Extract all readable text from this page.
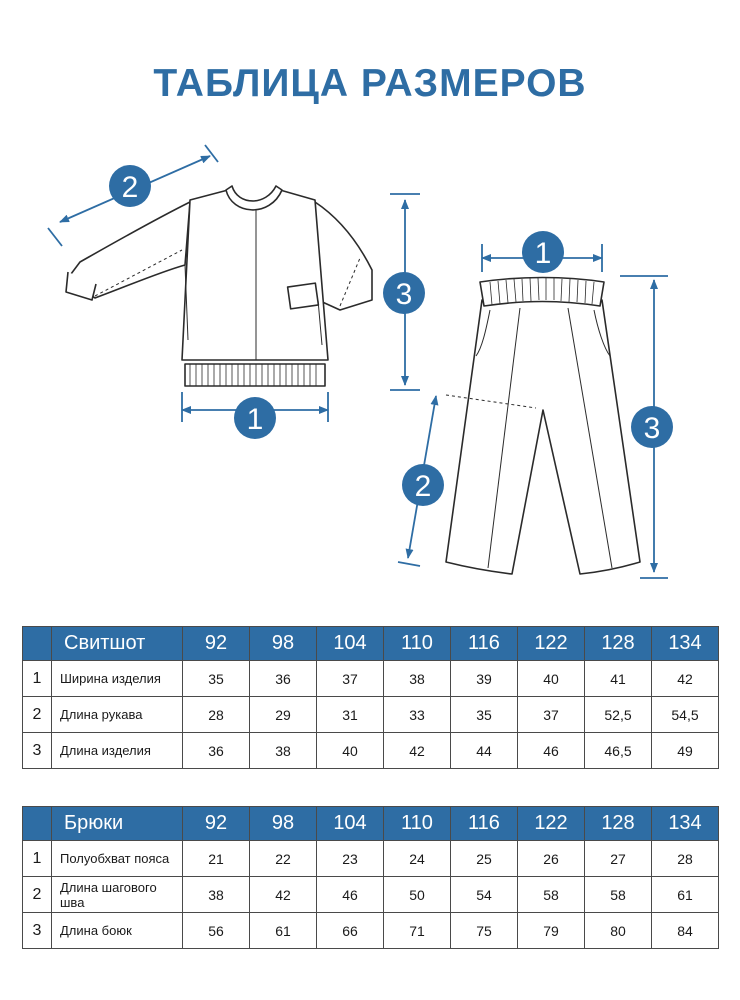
ТАБЛИЦА РАЗМЕРОВ
2
3
1
1
3
2
	Свитшот	92	98	104	110	116	122	128	134
1	Ширина изделия	35	36	37	38	39	40	41	42
2	Длина рукава	28	29	31	33	35	37	52,5	54,5
3	Длина изделия	36	38	40	42	44	46	46,5	49
	Брюки	92	98	104	110	116	122	128	134
1	Полуобхват пояса	21	22	23	24	25	26	27	28
2	Длина шагового шва	38	42	46	50	54	58	58	61
3	Длина боюк	56	61	66	71	75	79	80	84
